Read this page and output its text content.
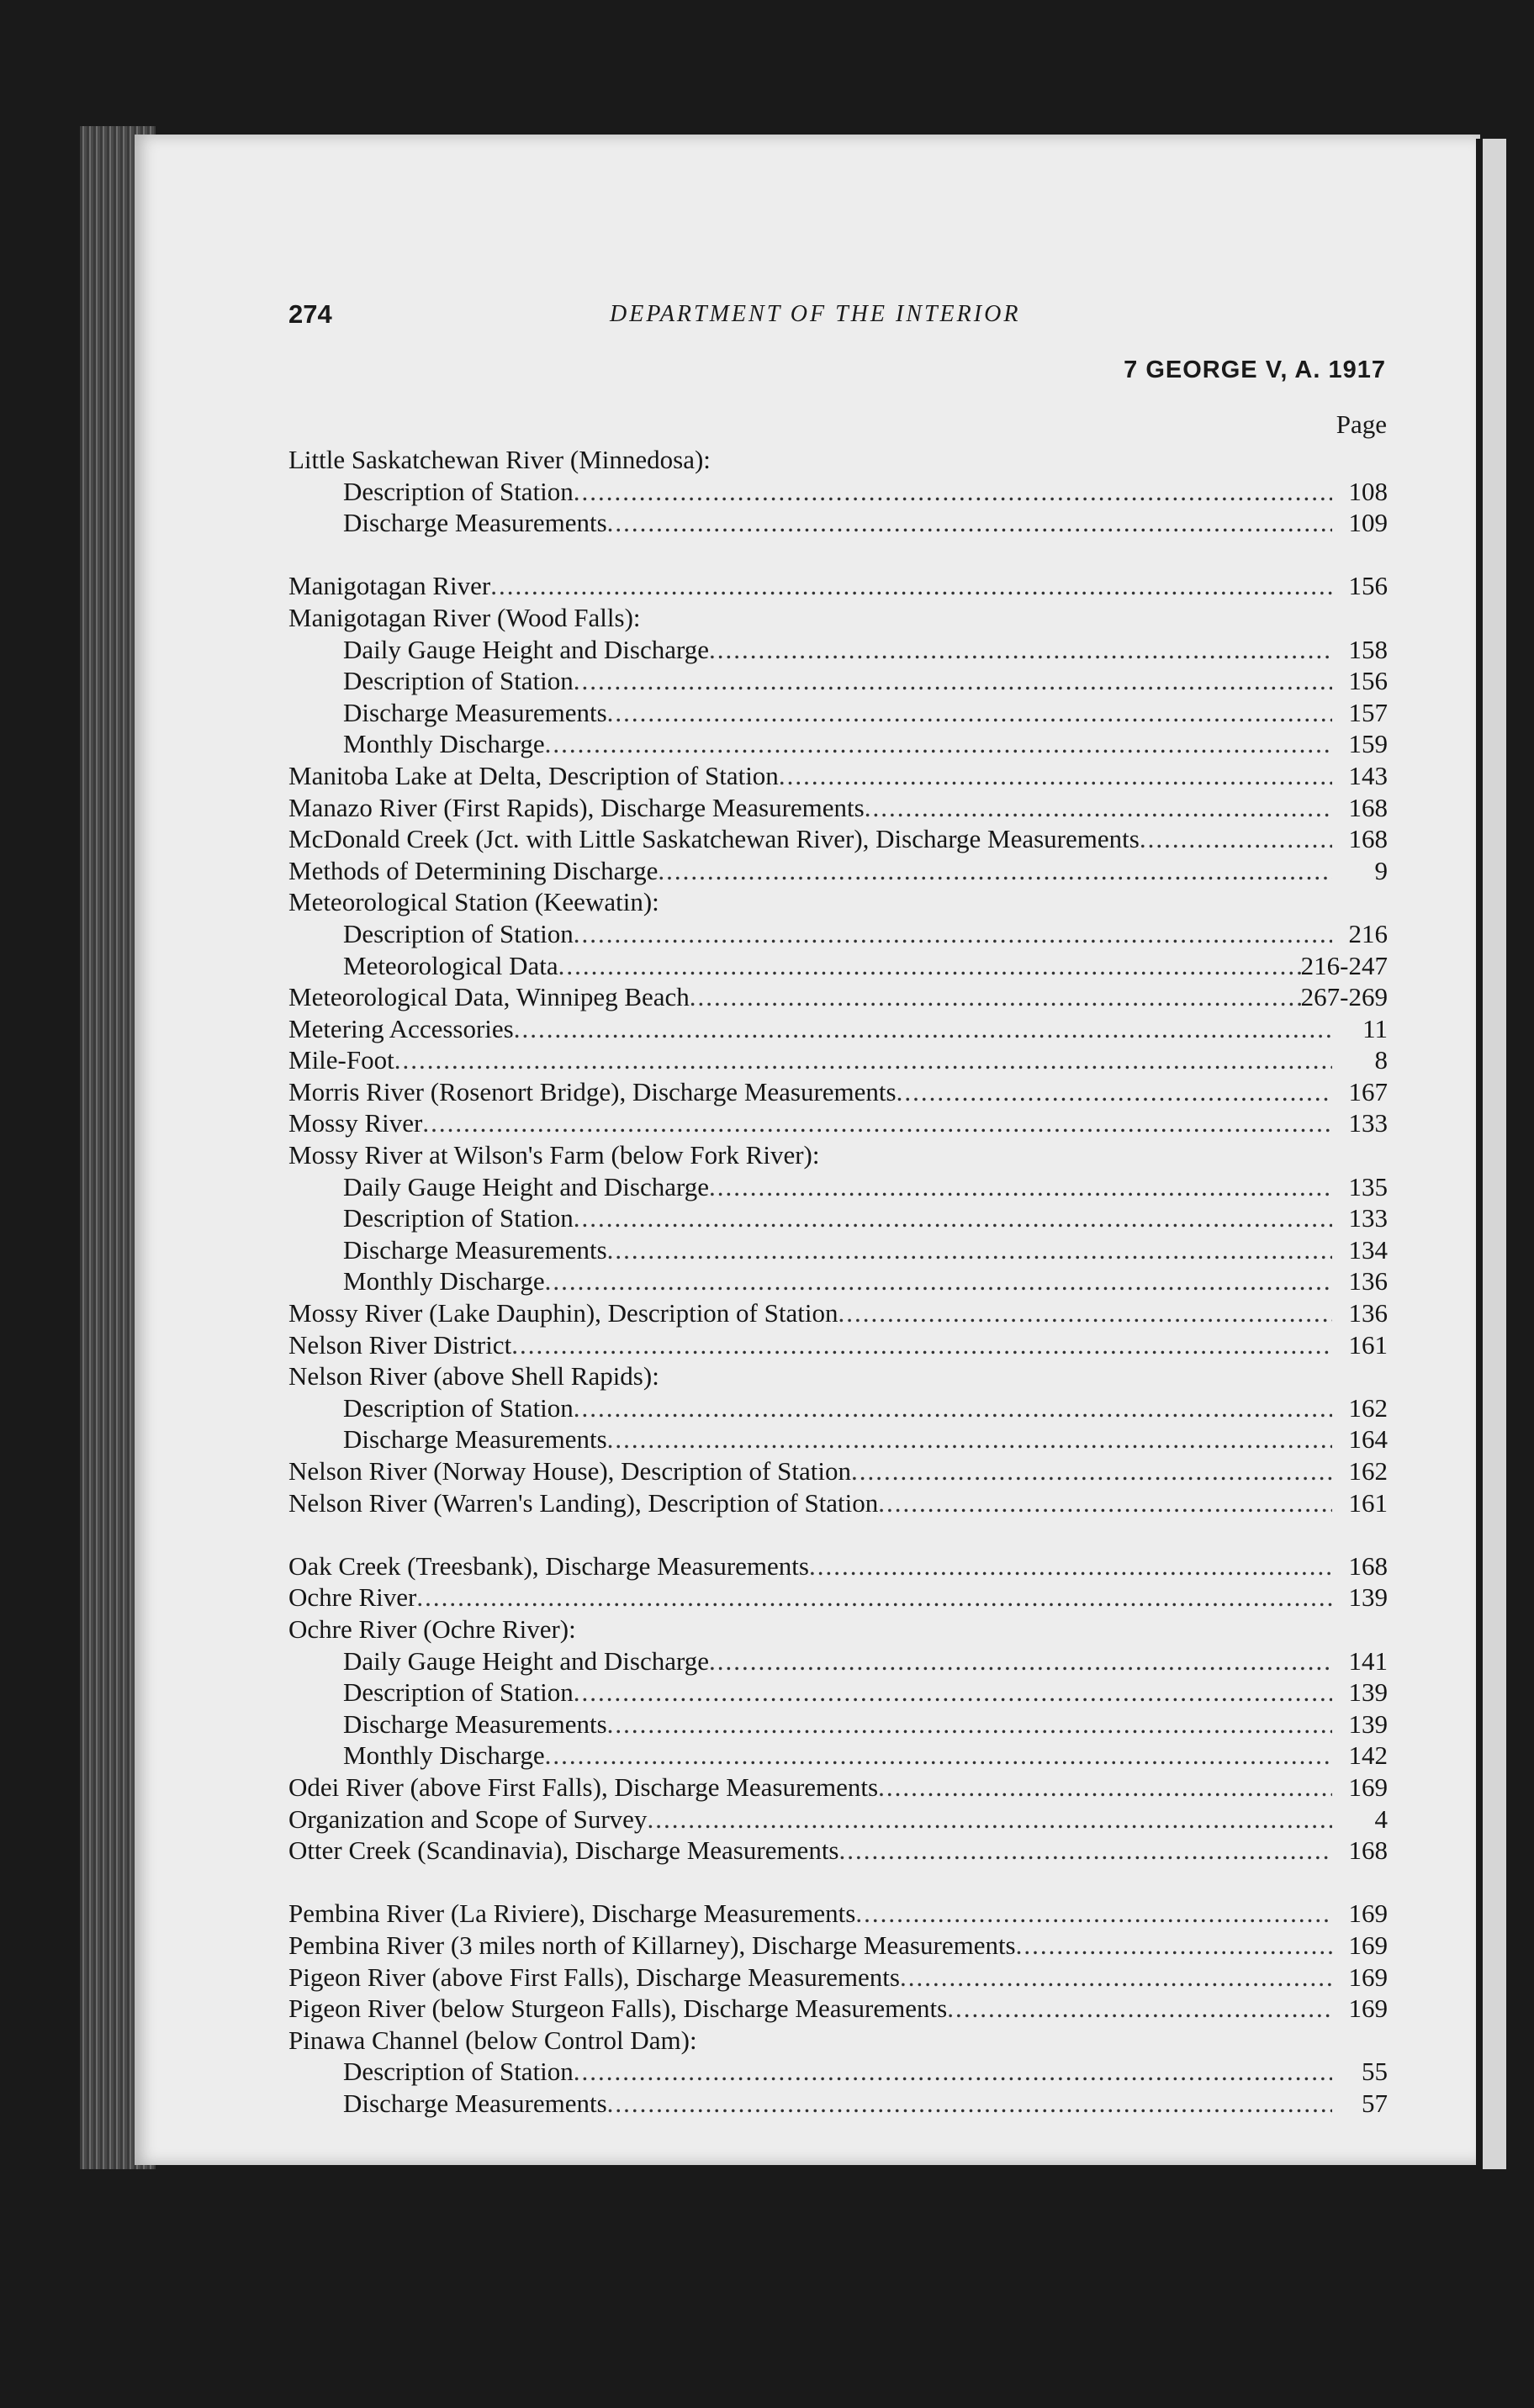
274	DEPARTMENT OF THE INTERIOR
7 GEORGE V, A. 1917
Page
Little Saskatchewan River (Minnedosa):
Description of Station .....	108
Discharge Measurements .....	109
Manigotagan River .....	156
Manigotagan River (Wood Falls):
Daily Gauge Height and Discharge .....	158
Description of Station .....	156
Discharge Measurements .....	157
Monthly Discharge .....	159
Manitoba Lake at Delta, Description of Station .....	143
Manazo River (First Rapids), Discharge Measurements .....	168
McDonald Creek (Jct. with Little Saskatchewan River), Discharge Measurements .....	168
Methods of Determining Discharge .....	9
Meteorological Station (Keewatin):
Description of Station .....	216
Meteorological Data .....	216-247
Meteorological Data, Winnipeg Beach .....	267-269
Metering Accessories .....	11
Mile-Foot .....	8
Morris River (Rosenort Bridge), Discharge Measurements .....	167
Mossy River .....	133
Mossy River at Wilson's Farm (below Fork River):
Daily Gauge Height and Discharge .....	135
Description of Station .....	133
Discharge Measurements .....	134
Monthly Discharge .....	136
Mossy River (Lake Dauphin), Description of Station .....	136
Nelson River District .....	161
Nelson River (above Shell Rapids):
Description of Station .....	162
Discharge Measurements .....	164
Nelson River (Norway House), Description of Station .....	162
Nelson River (Warren's Landing), Description of Station .....	161
Oak Creek (Treesbank), Discharge Measurements .....	168
Ochre River .....	139
Ochre River (Ochre River):
Daily Gauge Height and Discharge .....	141
Description of Station .....	139
Discharge Measurements .....	139
Monthly Discharge .....	142
Odei River (above First Falls), Discharge Measurements .....	169
Organization and Scope of Survey .....	4
Otter Creek (Scandinavia), Discharge Measurements .....	168
Pembina River (La Riviere), Discharge Measurements .....	169
Pembina River (3 miles north of Killarney), Discharge Measurements .....	169
Pigeon River (above First Falls), Discharge Measurements .....	169
Pigeon River (below Sturgeon Falls), Discharge Measurements .....	169
Pinawa Channel (below Control Dam):
Description of Station .....	55
Discharge Measurements .....	57
